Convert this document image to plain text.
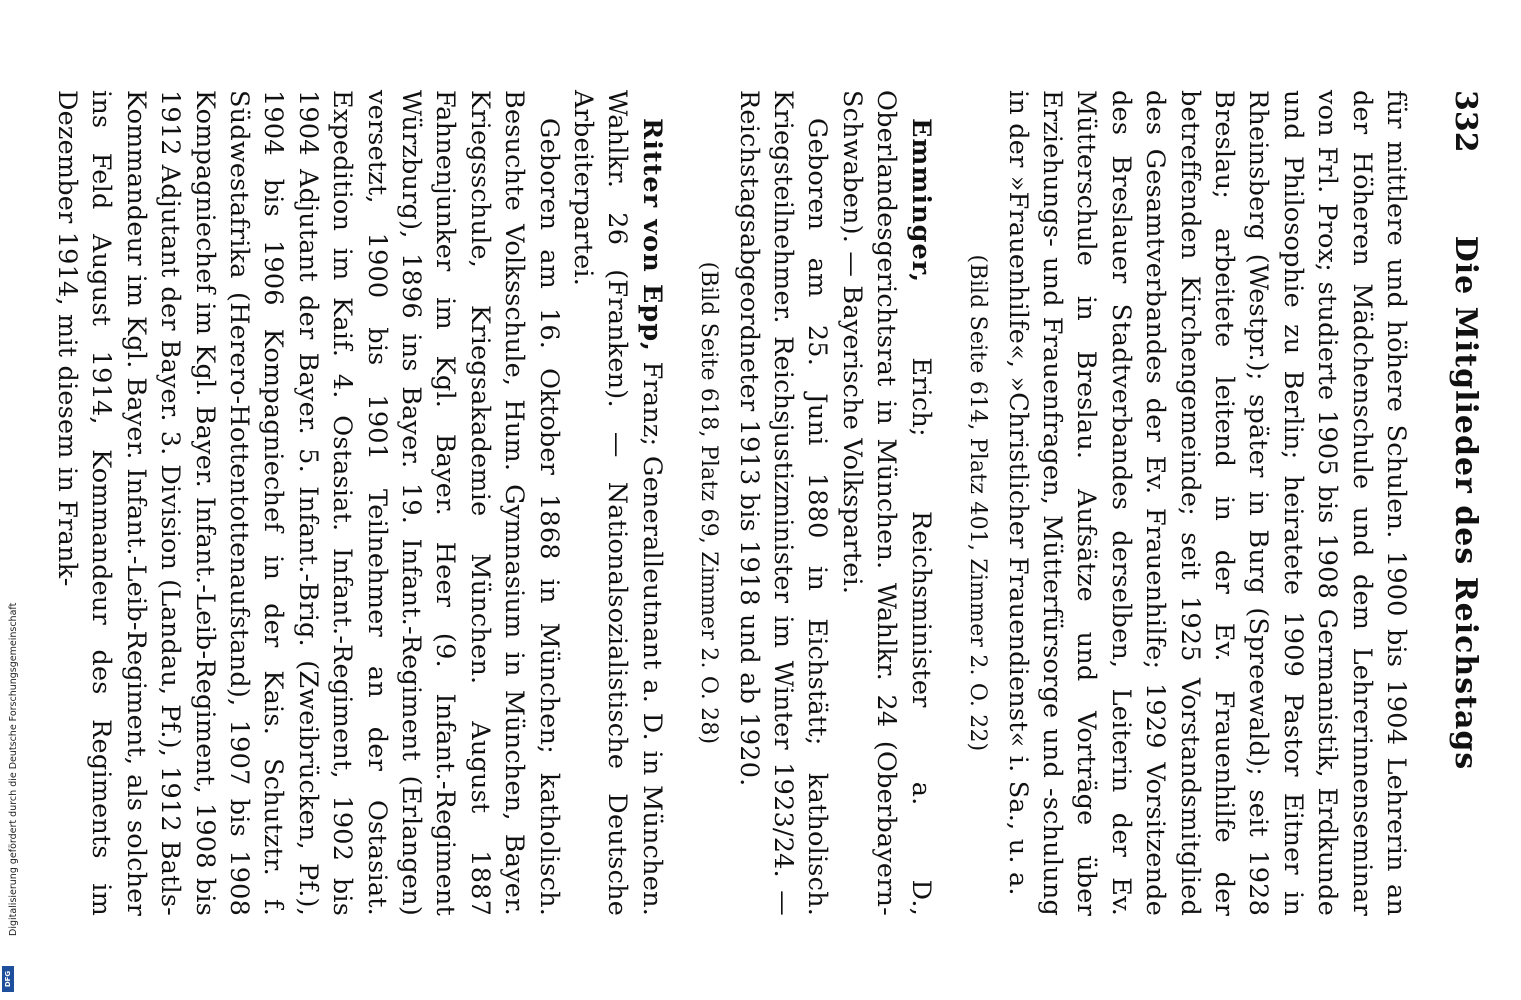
332
Die Mitglieder des Reichstags

für mittlere und höhere Schulen. 1900 bis 1904 Lehrerin an der Höheren Mädchenschule und dem Lehrerinnenseminar von Frl. Prox; studierte 1905 bis 1908 Germanistik, Erdkunde und Philosophie zu Berlin; heiratete 1909 Pastor Eitner in Rheinsberg (Westpr.); später in Burg (Spreewald); seit 1928 Breslau; arbeitete leitend in der Ev. Frauenhilfe der betreffenden Kirchengemeinde; seit 1925 Vorstandsmitglied des Gesamtverbandes der Ev. Frauenhilfe; 1929 Vorsitzende des Breslauer Stadtverbandes derselben, Leiterin der Ev. Mütterschule in Breslau. Aufsätze und Vorträge über Erziehungs- und Frauenfragen, Mütterfürsorge und -schulung in der »Frauenhilfe«, »Christlicher Frauendienst« i. Sa., u. a.

(Bild Seite 614, Platz 401, Zimmer 2. O. 22)

Emminger, Erich; Reichsminister a. D., Oberlandesgerichtsrat in München. Wahlkr. 24 (Oberbayern-Schwaben). — Bayerische Volkspartei.

Geboren am 25. Juni 1880 in Eichstätt; katholisch. Kriegsteilnehmer. Reichsjustizminister im Winter 1923/24. — Reichstagsabgeordneter 1913 bis 1918 und ab 1920.

(Bild Seite 618, Platz 69, Zimmer 2. O. 28)

Ritter von Epp, Franz; Generalleutnant a. D. in München. Wahlkr. 26 (Franken). — Nationalsozialistische Deutsche Arbeiterpartei.

Geboren am 16. Oktober 1868 in München; katholisch. Besuchte Volksschule, Hum. Gymnasium in München, Bayer. Kriegsschule, Kriegsakademie München. August 1887 Fahnenjunker im Kgl. Bayer. Heer (9. Infant.-Regiment Würzburg), 1896 ins Bayer. 19. Infant.-Regiment (Erlangen) versetzt, 1900 bis 1901 Teilnehmer an der Ostasiat. Expedition im Kaif. 4. Ostasiat. Infant.-Regiment, 1902 bis 1904 Adjutant der Bayer. 5. Infant.-Brig. (Zweibrücken, Pf.), 1904 bis 1906 Kompagniechef in der Kais. Schutztr. f. Südwestafrika (Herero-Hottentottenaufstand), 1907 bis 1908 Kompagniechef im Kgl. Bayer. Infant.-Leib-Regiment, 1908 bis 1912 Adjutant der Bayer. 3. Division (Landau, Pf.), 1912 Batls-Kommandeur im Kgl. Bayer. Infant.-Leib-Regiment, als solcher ins Feld August 1914, Kommandeur des Regiments im Dezember 1914, mit diesem in Frank-

Digitalisierung gefördert durch die Deutsche Forschungsgemeinschaft
DFG
